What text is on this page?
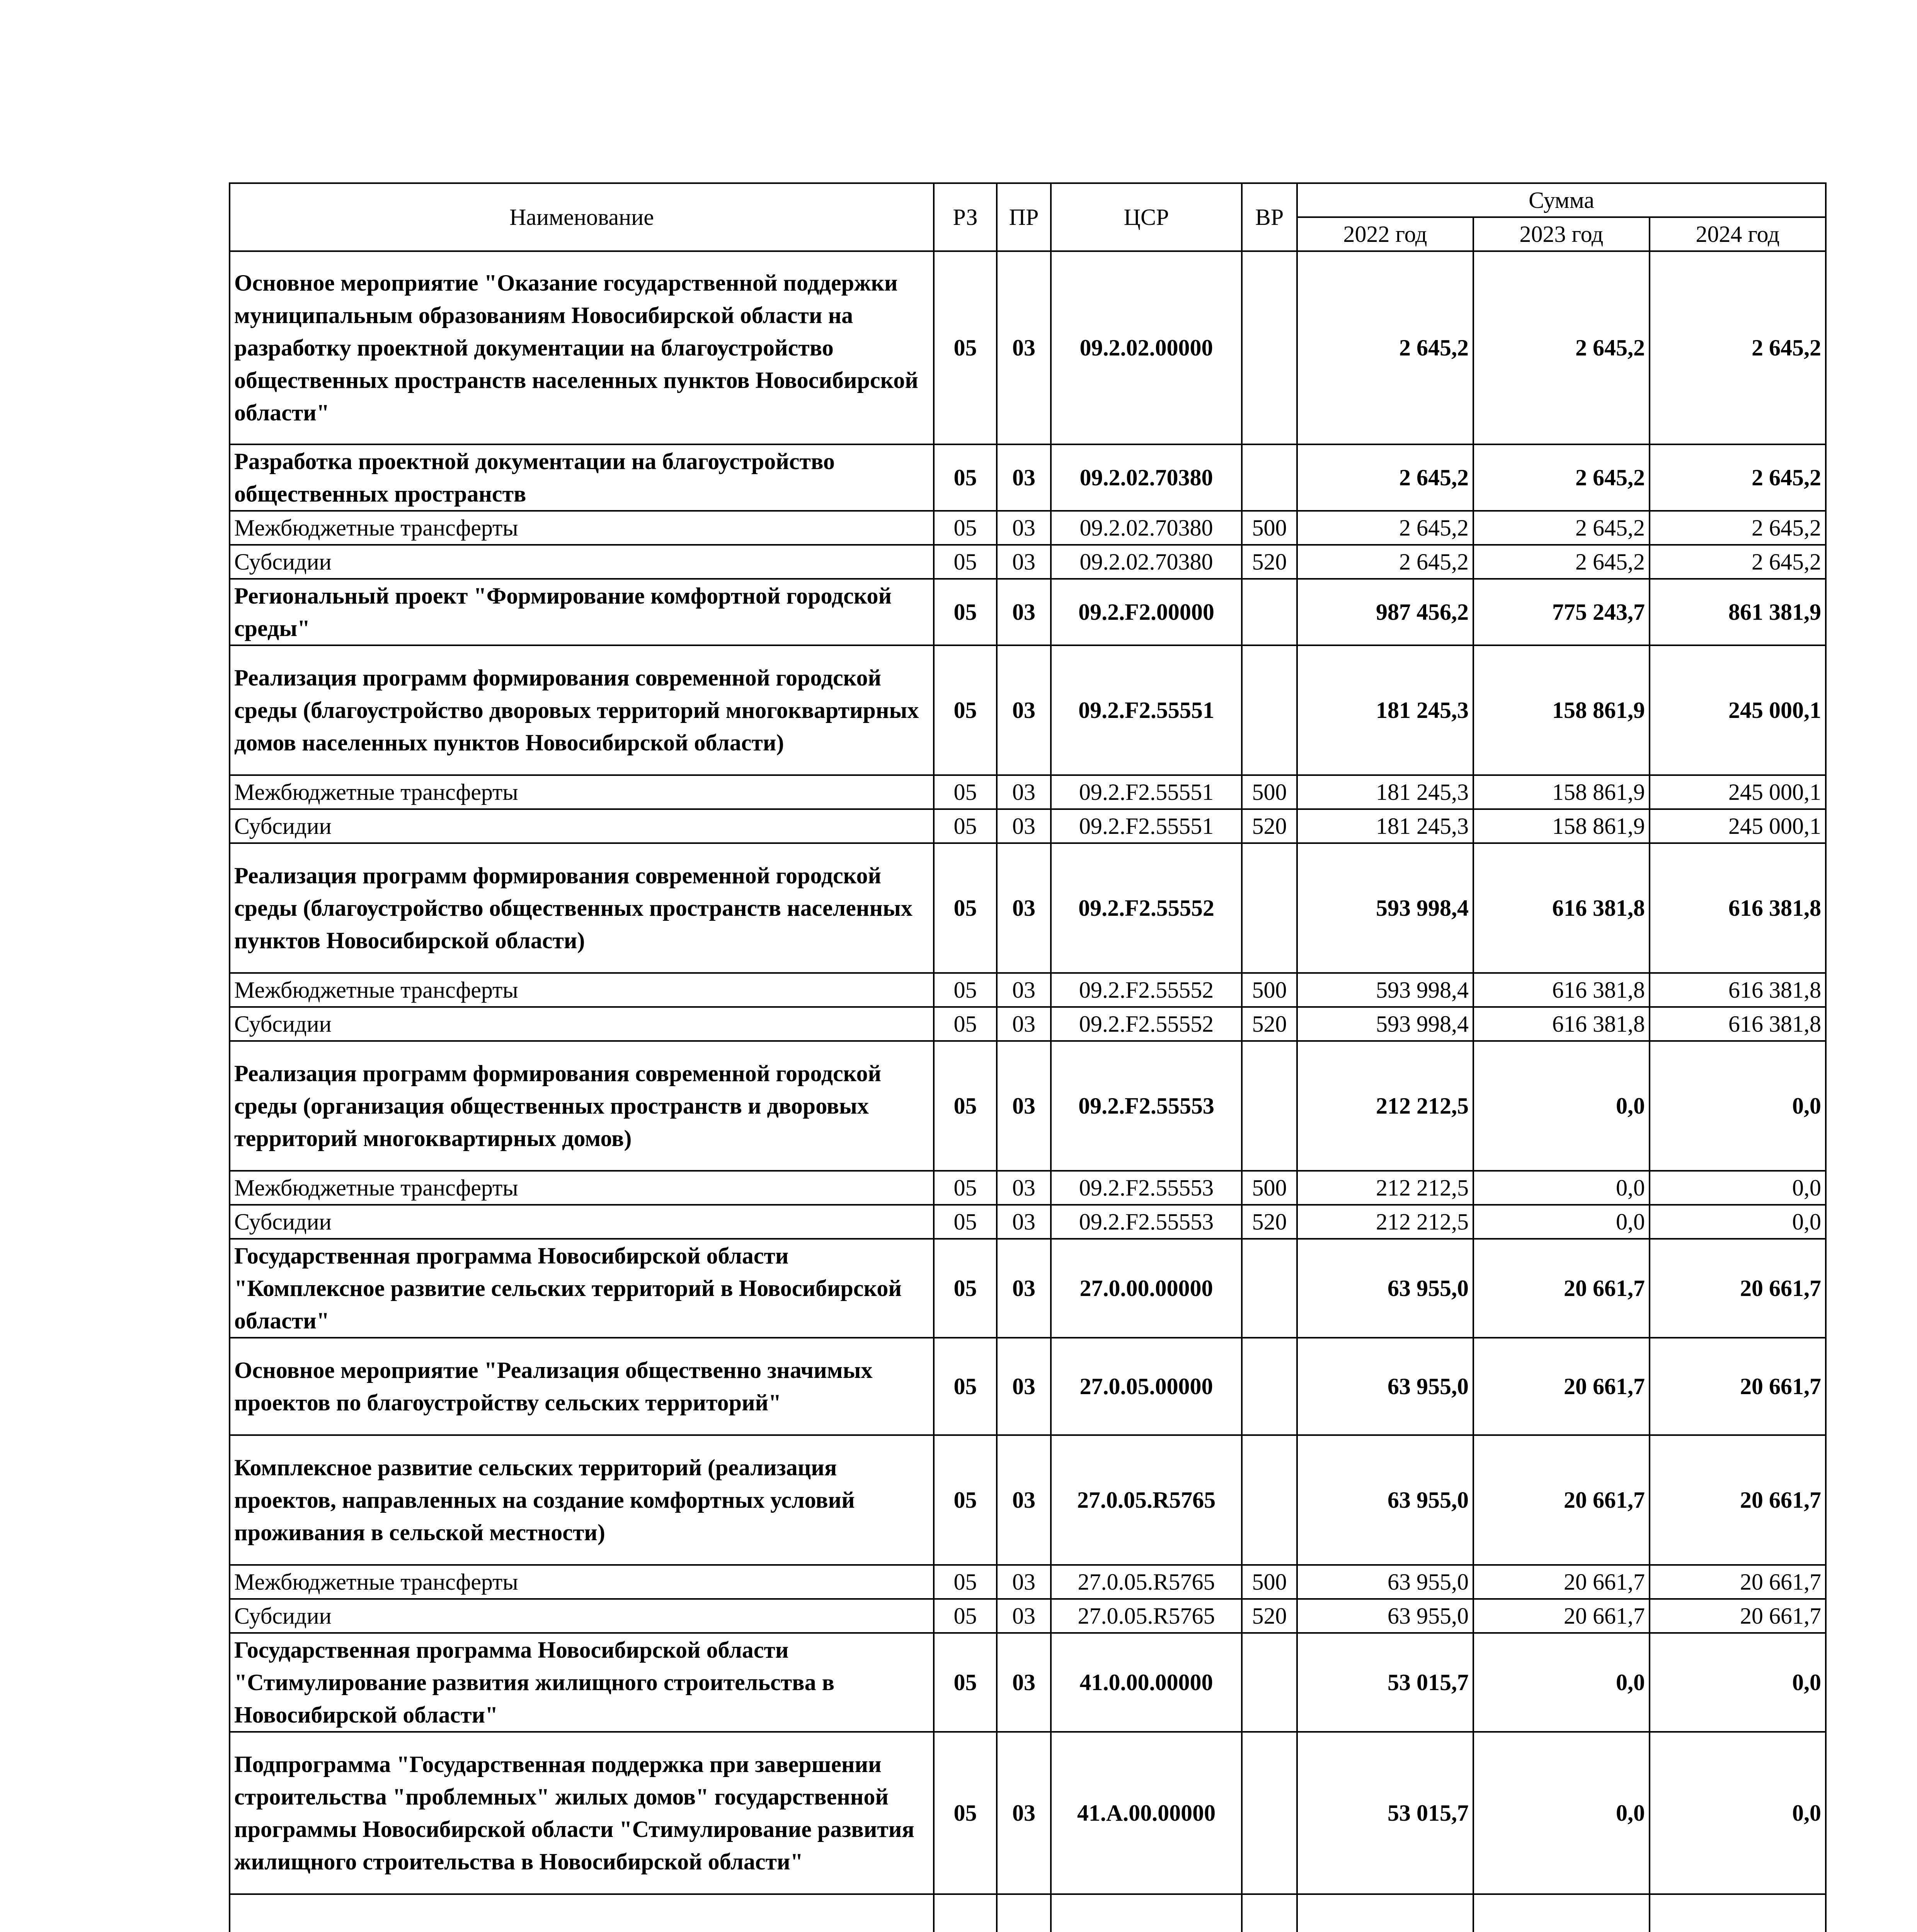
Наименование	РЗ	ПР	ЦСР	ВР	Сумма		
					2022 год	2023 год	2024 год
Основное мероприятие "Оказание государственной поддержки муниципальным образованиям Новосибирской области на разработку проектной документации на благоустройство общественных пространств населенных пунктов Новосибирской области"	05	03	09.2.02.00000		2 645,2	2 645,2	2 645,2
Разработка проектной документации на благоустройство общественных пространств	05	03	09.2.02.70380		2 645,2	2 645,2	2 645,2
Межбюджетные трансферты	05	03	09.2.02.70380	500	2 645,2	2 645,2	2 645,2
Субсидии	05	03	09.2.02.70380	520	2 645,2	2 645,2	2 645,2
Региональный проект "Формирование комфортной городской среды"	05	03	09.2.F2.00000		987 456,2	775 243,7	861 381,9
Реализация программ формирования современной городской среды (благоустройство дворовых территорий многоквартирных домов населенных пунктов Новосибирской области)	05	03	09.2.F2.55551		181 245,3	158 861,9	245 000,1
Межбюджетные трансферты	05	03	09.2.F2.55551	500	181 245,3	158 861,9	245 000,1
Субсидии	05	03	09.2.F2.55551	520	181 245,3	158 861,9	245 000,1
Реализация программ формирования современной городской среды (благоустройство общественных пространств населенных пунктов Новосибирской области)	05	03	09.2.F2.55552		593 998,4	616 381,8	616 381,8
Межбюджетные трансферты	05	03	09.2.F2.55552	500	593 998,4	616 381,8	616 381,8
Субсидии	05	03	09.2.F2.55552	520	593 998,4	616 381,8	616 381,8
Реализация программ формирования современной городской среды (организация общественных пространств и дворовых территорий многоквартирных домов)	05	03	09.2.F2.55553		212 212,5	0,0	0,0
Межбюджетные трансферты	05	03	09.2.F2.55553	500	212 212,5	0,0	0,0
Субсидии	05	03	09.2.F2.55553	520	212 212,5	0,0	0,0
Государственная программа Новосибирской области "Комплексное развитие сельских территорий в Новосибирской области"	05	03	27.0.00.00000		63 955,0	20 661,7	20 661,7
Основное мероприятие "Реализация общественно значимых проектов по благоустройству сельских территорий"	05	03	27.0.05.00000		63 955,0	20 661,7	20 661,7
Комплексное развитие сельских территорий (реализация проектов, направленных на создание комфортных условий проживания в сельской местности)	05	03	27.0.05.R5765		63 955,0	20 661,7	20 661,7
Межбюджетные трансферты	05	03	27.0.05.R5765	500	63 955,0	20 661,7	20 661,7
Субсидии	05	03	27.0.05.R5765	520	63 955,0	20 661,7	20 661,7
Государственная программа Новосибирской области "Стимулирование развития жилищного строительства в Новосибирской области"	05	03	41.0.00.00000		53 015,7	0,0	0,0
Подпрограмма "Государственная поддержка при завершении строительства "проблемных" жилых домов" государственной программы Новосибирской области "Стимулирование развития жилищного строительства в Новосибирской области"	05	03	41.A.00.00000		53 015,7	0,0	0,0
